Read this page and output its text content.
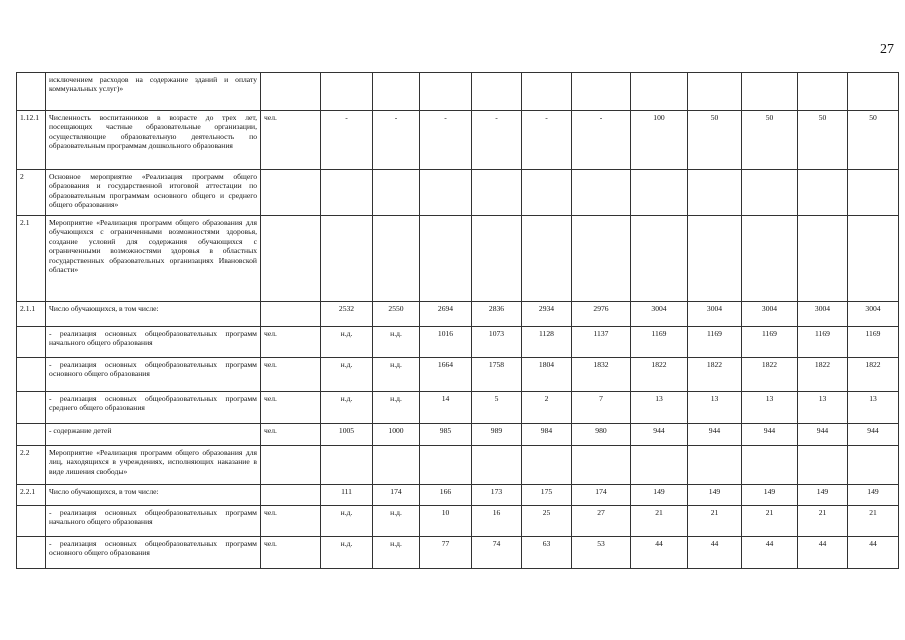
27
	исключением расходов на содержание зданий и оплату коммунальных услуг)»												
1.12.1	Численность воспитанников в возрасте до трех лет, посещающих частные образовательные организации, осуществляющие образовательную деятельность по образовательным программам дошкольного образования	чел.	-	-	-	-	-	-	100	50	50	50	50
2	Основное мероприятие «Реализация программ общего образования и государственной итоговой аттестации по образовательным программам основного общего и среднего общего образования»												
2.1	Мероприятие «Реализация программ общего образования для обучающихся с ограниченными возможностями здоровья, создание условий для содержания обучающихся с ограниченными возможностями здоровья в областных государственных образовательных организациях Ивановской области»												
2.1.1	Число обучающихся, в том числе:		2532	2550	2694	2836	2934	2976	3004	3004	3004	3004	3004
	- реализация основных общеобразовательных программ начального общего образования	чел.	н.д.	н.д.	1016	1073	1128	1137	1169	1169	1169	1169	1169
	- реализация основных общеобразовательных программ основного общего образования	чел.	н.д.	н.д.	1664	1758	1804	1832	1822	1822	1822	1822	1822
	- реализация основных общеобразовательных программ среднего общего образования	чел.	н.д.	н.д.	14	5	2	7	13	13	13	13	13
	- содержание детей	чел.	1005	1000	985	989	984	980	944	944	944	944	944
2.2	Мероприятие «Реализация программ общего образования для лиц, находящихся в учреждениях, исполняющих наказание в виде лишения свободы»												
2.2.1	Число обучающихся, в том числе:		111	174	166	173	175	174	149	149	149	149	149
	- реализация основных общеобразовательных программ начального общего образования	чел.	н.д.	н.д.	10	16	25	27	21	21	21	21	21
	- реализация основных общеобразовательных программ основного общего образования	чел.	н.д.	н.д.	77	74	63	53	44	44	44	44	44
